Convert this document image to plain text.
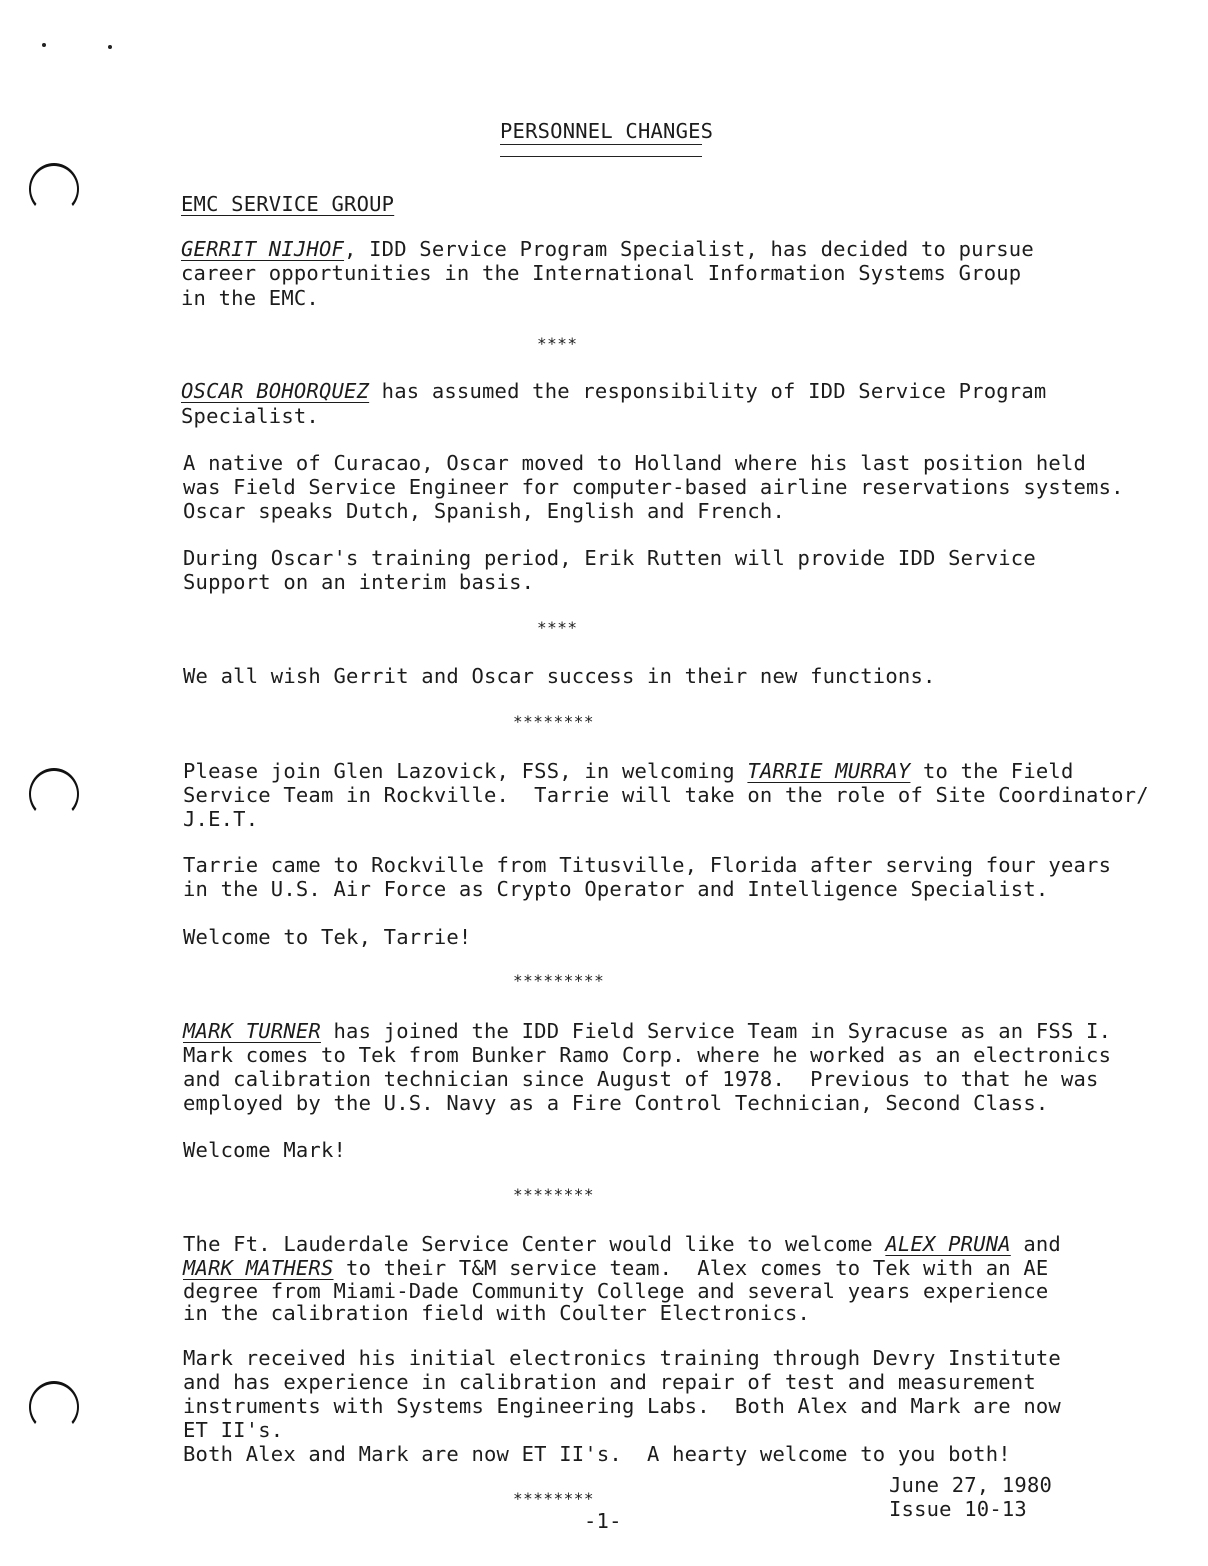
PERSONNEL CHANGES
EMC SERVICE GROUP
GERRIT NIJHOF, IDD Service Program Specialist, has decided to pursue
career opportunities in the International Information Systems Group
in the EMC.
****
OSCAR BOHORQUEZ has assumed the responsibility of IDD Service Program
Specialist.
A native of Curacao, Oscar moved to Holland where his last position held
was Field Service Engineer for computer-based airline reservations systems.
Oscar speaks Dutch, Spanish, English and French.
During Oscar's training period, Erik Rutten will provide IDD Service
Support on an interim basis.
****
We all wish Gerrit and Oscar success in their new functions.
********
Please join Glen Lazovick, FSS, in welcoming TARRIE MURRAY to the Field
Service Team in Rockville.  Tarrie will take on the role of Site Coordinator/
J.E.T.
Tarrie came to Rockville from Titusville, Florida after serving four years
in the U.S. Air Force as Crypto Operator and Intelligence Specialist.
Welcome to Tek, Tarrie!
*********
MARK TURNER has joined the IDD Field Service Team in Syracuse as an FSS I.
Mark comes to Tek from Bunker Ramo Corp. where he worked as an electronics
and calibration technician since August of 1978.  Previous to that he was
employed by the U.S. Navy as a Fire Control Technician, Second Class.
Welcome Mark!
********
The Ft. Lauderdale Service Center would like to welcome ALEX PRUNA and
MARK MATHERS to their T&M service team.  Alex comes to Tek with an AE
degree from Miami-Dade Community College and several years experience
in the calibration field with Coulter Electronics.
Mark received his initial electronics training through Devry Institute
and has experience in calibration and repair of test and measurement
instruments with Systems Engineering Labs.  Both Alex and Mark are now
ET II's.
Both Alex and Mark are now ET II's.  A hearty welcome to you both!
********
-1-
June 27, 1980
Issue 10-13
